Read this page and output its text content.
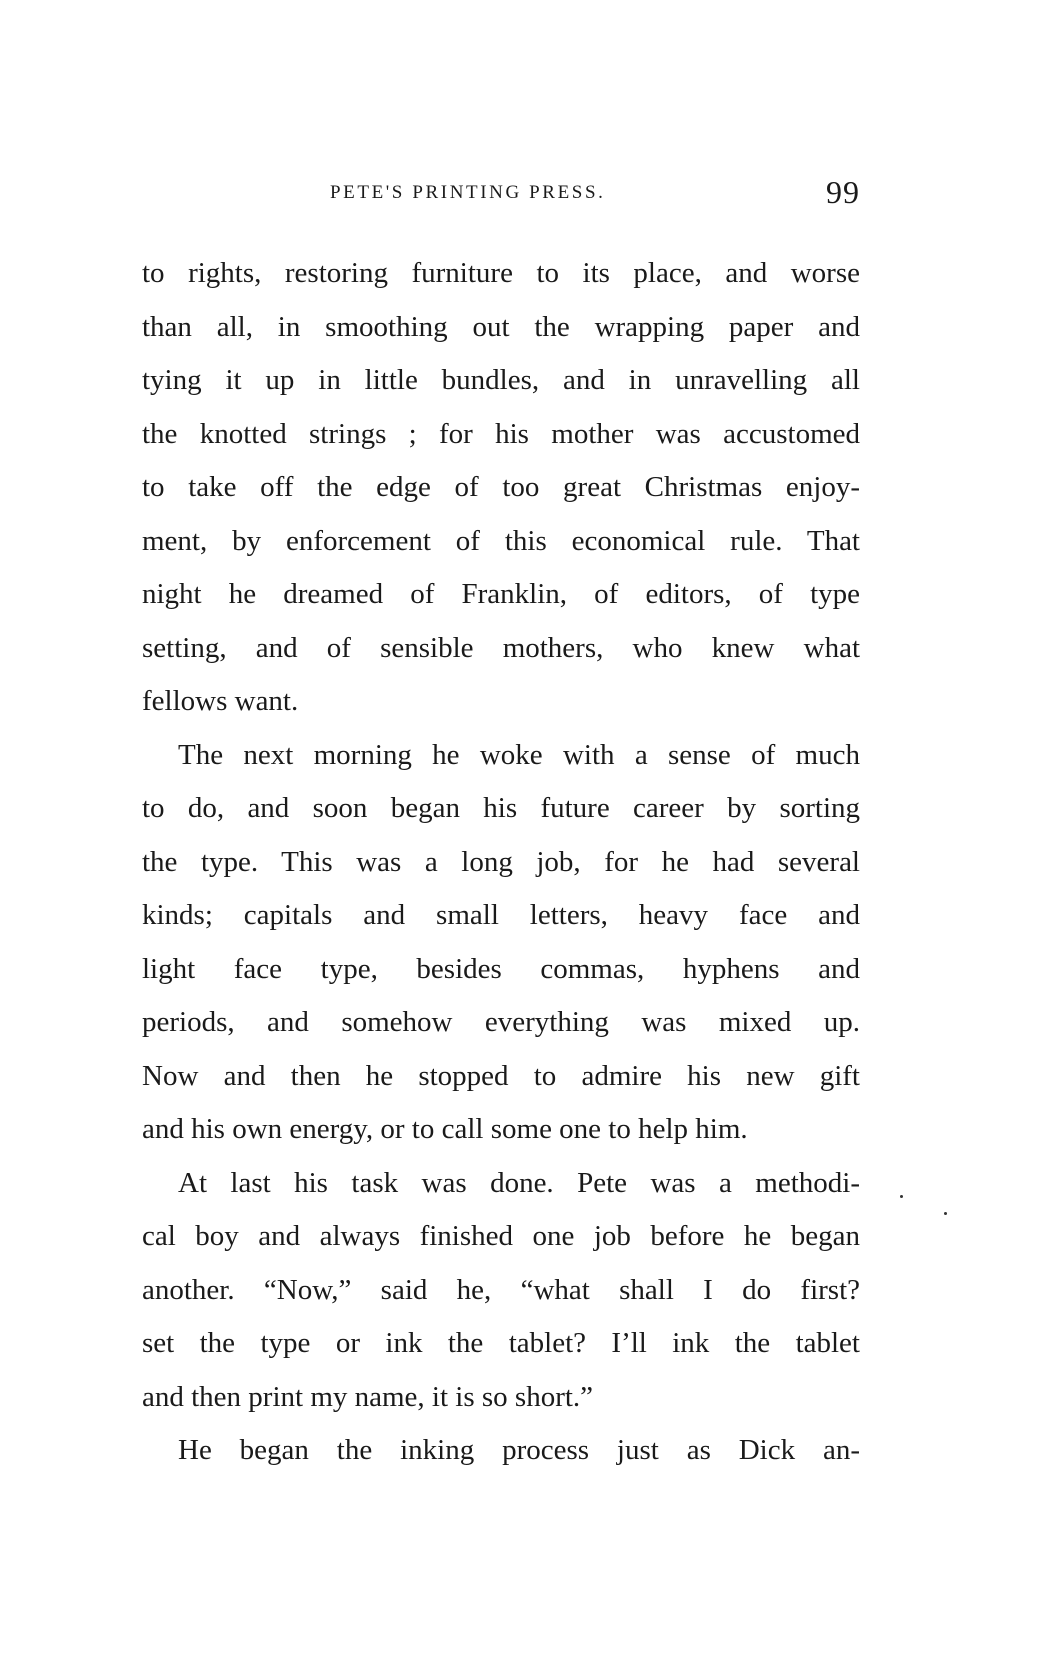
PETE'S PRINTING PRESS.	99
to rights, restoring furniture to its place, and worse
than all, in smoothing out the wrapping paper and
tying it up in little bundles, and in unravelling all
the knotted strings ; for his mother was accustomed
to take off the edge of too great Christmas enjoy-
ment, by enforcement of this economical rule. That
night he dreamed of Franklin, of editors, of type
setting, and of sensible mothers, who knew what
fellows want.
The next morning he woke with a sense of much
to do, and soon began his future career by sorting
the type. This was a long job, for he had several
kinds; capitals and small letters, heavy face and
light face type, besides commas, hyphens and
periods, and somehow everything was mixed up.
Now and then he stopped to admire his new gift
and his own energy, or to call some one to help him.
At last his task was done. Pete was a methodi-
cal boy and always finished one job before he began
another. “Now,” said he, “what shall I do first?
set the type or ink the tablet? I’ll ink the tablet
and then print my name, it is so short.”
He began the inking process just as Dick an-
